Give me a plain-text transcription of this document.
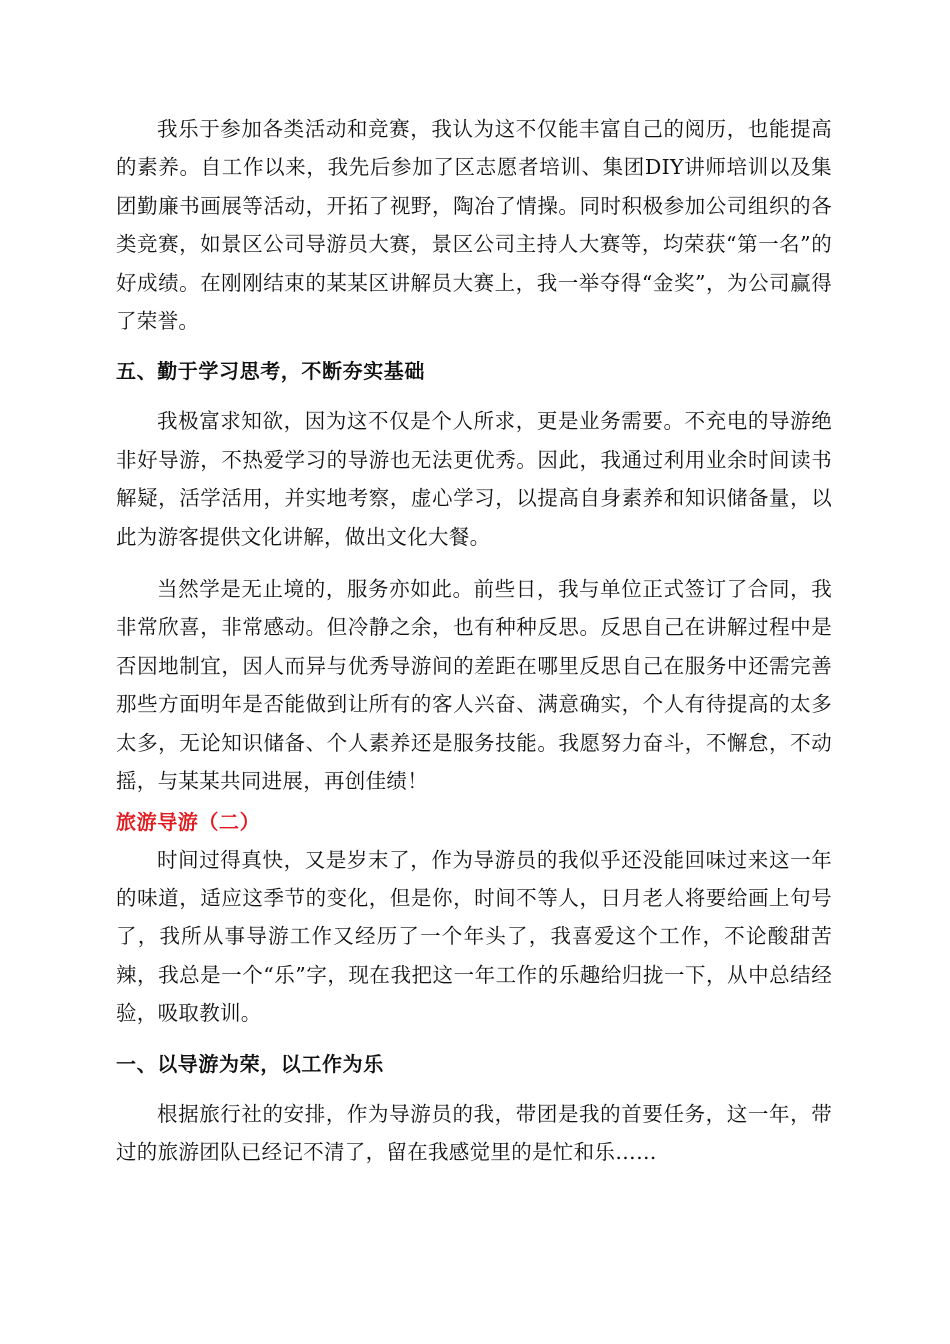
我乐于参加各类活动和竞赛，我认为这不仅能丰富自己的阅历，也能提高的素养。自工作以来，我先后参加了区志愿者培训、集团DIY讲师培训以及集团勤廉书画展等活动，开拓了视野，陶冶了情操。同时积极参加公司组织的各类竞赛，如景区公司导游员大赛，景区公司主持人大赛等，均荣获“第一名”的好成绩。在刚刚结束的某某区讲解员大赛上，我一举夺得“金奖”，为公司赢得了荣誉。

五、勤于学习思考，不断夯实基础

我极富求知欲，因为这不仅是个人所求，更是业务需要。不充电的导游绝非好导游，不热爱学习的导游也无法更优秀。因此，我通过利用业余时间读书解疑，活学活用，并实地考察，虚心学习，以提高自身素养和知识储备量，以此为游客提供文化讲解，做出文化大餐。

当然学是无止境的，服务亦如此。前些日，我与单位正式签订了合同，我非常欣喜，非常感动。但冷静之余，也有种种反思。反思自己在讲解过程中是否因地制宜，因人而异与优秀导游间的差距在哪里反思自己在服务中还需完善那些方面明年是否能做到让所有的客人兴奋、满意确实，个人有待提高的太多太多，无论知识储备、个人素养还是服务技能。我愿努力奋斗，不懈怠，不动摇，与某某共同进展，再创佳绩！

旅游导游（二）

时间过得真快，又是岁末了，作为导游员的我似乎还没能回味过来这一年的味道，适应这季节的变化，但是你，时间不等人，日月老人将要给画上句号了，我所从事导游工作又经历了一个年头了，我喜爱这个工作，不论酸甜苦辣，我总是一个“乐”字，现在我把这一年工作的乐趣给归拢一下，从中总结经验，吸取教训。

一、以导游为荣，以工作为乐

根据旅行社的安排，作为导游员的我，带团是我的首要任务，这一年，带过的旅游团队已经记不清了，留在我感觉里的是忙和乐……
